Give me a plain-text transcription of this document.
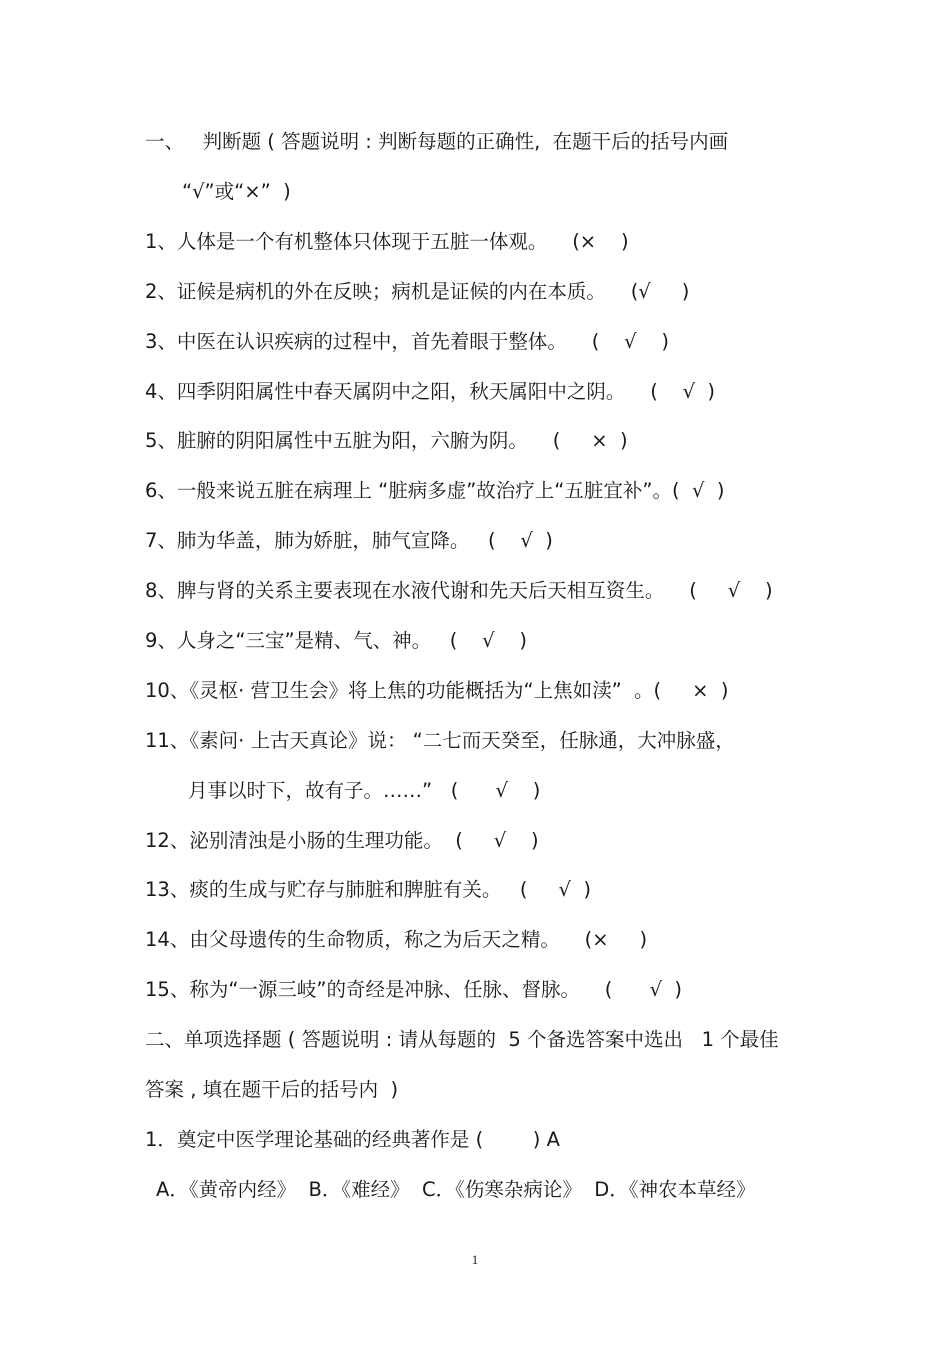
一、   判断题 ( 答题说明 : 判断每题的正确性,  在题干后的括号内画
“√”或“×”  )
1、人体是一个有机整体只体现于五脏一体观。    (×    )
2、证候是病机的外在反映；病机是证候的内在本质。    (√     )
3、中医在认识疾病的过程中，首先着眼于整体。    (    √    )
4、四季阴阳属性中春天属阴中之阳，秋天属阳中之阴。    (    √  )
5、脏腑的阴阳属性中五脏为阳，六腑为阴。    (     ×  )
6、一般来说五脏在病理上 “脏病多虚”故治疗上“五脏宜补”。(  √  )
7、肺为华盖，肺为娇脏，肺气宣降。   (    √  )
8、脾与肾的关系主要表现在水液代谢和先天后天相互资生。    (     √    )
9、人身之“三宝”是精、气、神。   (    √    )
10、《灵枢· 营卫生会》将上焦的功能概括为“上焦如渎”  。(     ×  )
11、《素问· 上古天真论》说： “二七而天癸至，任脉通，大冲脉盛，
月事以时下，故有子。……”   (      √    )
12、泌别清浊是小肠的生理功能。  (     √    )
13、痰的生成与贮存与肺脏和脾脏有关。   (     √  )
14、由父母遗传的生命物质，称之为后天之精。    (×     )
15、称为“一源三岐”的奇经是冲脉、任脉、督脉。    (      √  )
二、单项选择题 ( 答题说明 : 请从每题的  5 个备选答案中选出   1 个最佳
答案 , 填在题干后的括号内  )
1．奠定中医学理论基础的经典著作是 (        ) A
A．《黄帝内经》  B．《难经》  C．《伤寒杂病论》  D．《神农本草经》
1
